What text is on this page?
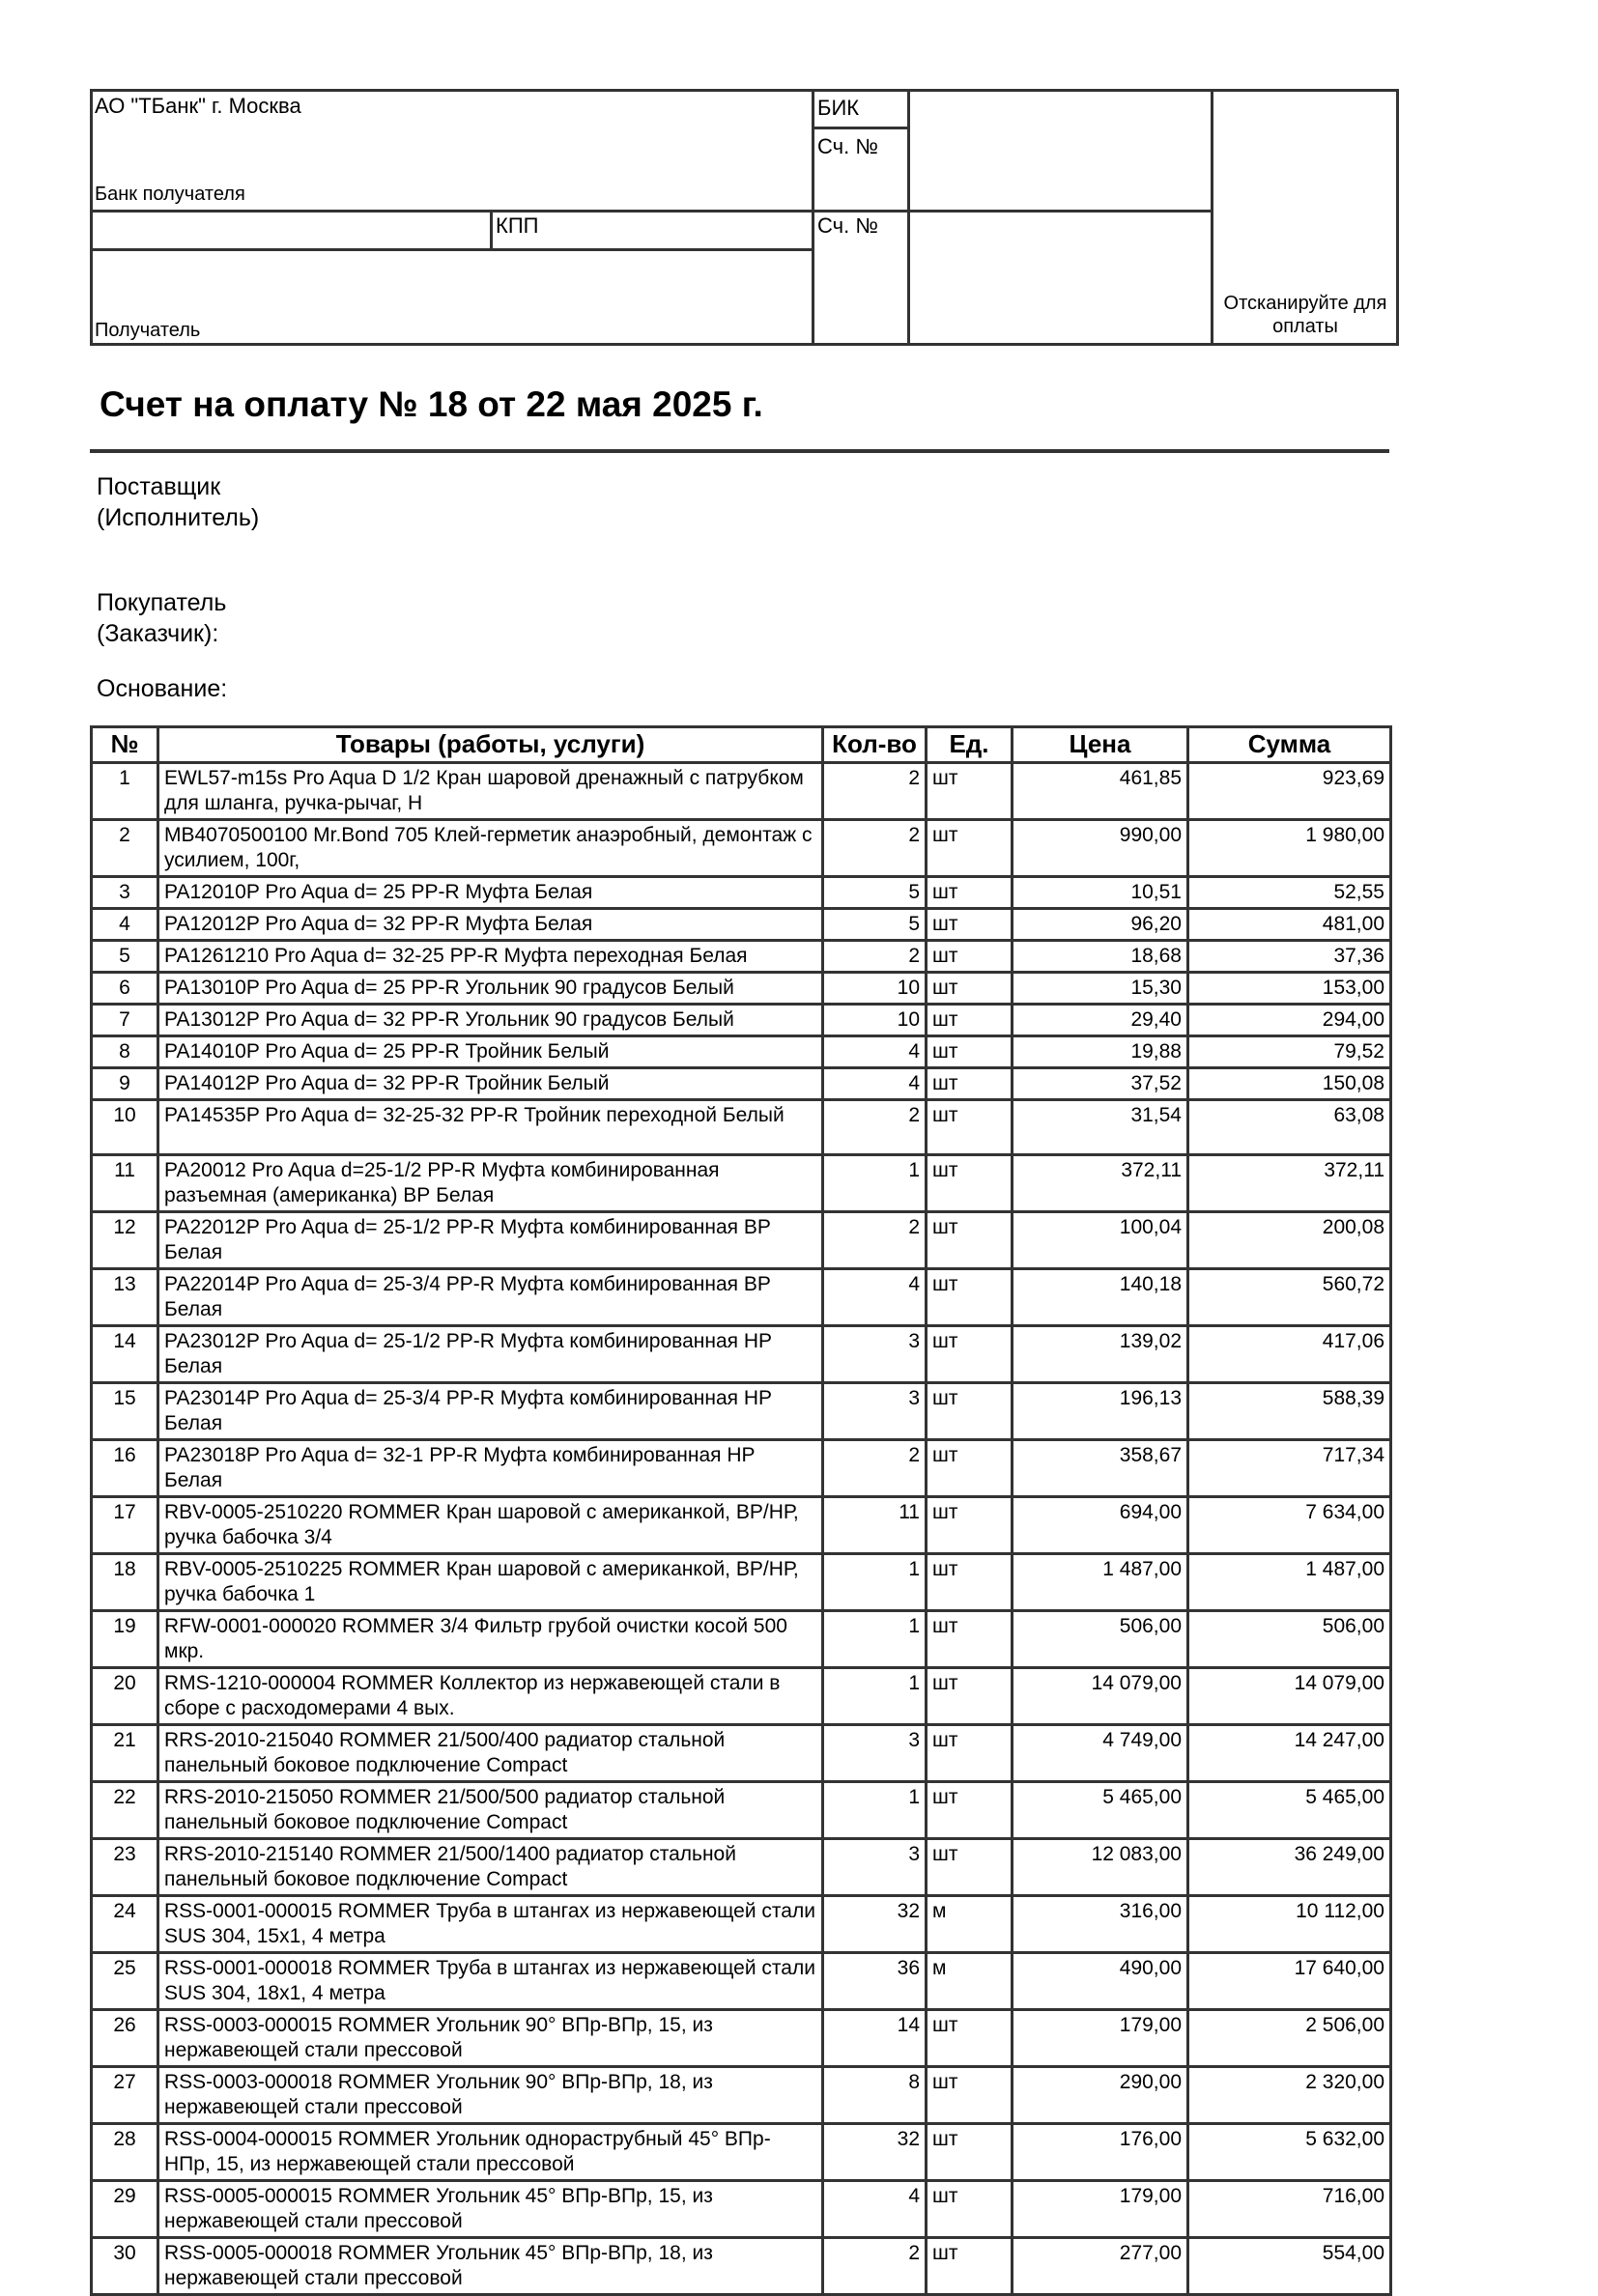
АО "ТБанк" г. Москва
Банк получателя
БИК
Сч. №
КПП	Сч. №
Получатель
Отсканируйте для оплаты
Счет на оплату № 18 от 22 мая 2025 г.
Поставщик
(Исполнитель)
Покупатель
(Заказчик):
Основание:
№	Товары (работы, услуги)	Кол-во	Ед.	Цена	Сумма
1	EWL57-m15s Pro Aqua D 1/2 Кран шаровой дренажный с патрубком для шланга, ручка-рычаг, Н	2	шт	461,85	923,69
2	MB4070500100 Mr.Bond 705 Клей-герметик анаэробный, демонтаж с усилием, 100г,	2	шт	990,00	1 980,00
3	PA12010P Pro Aqua d= 25 PP-R Муфта Белая	5	шт	10,51	52,55
4	PA12012P Pro Aqua d= 32 PP-R Муфта Белая	5	шт	96,20	481,00
5	PA1261210 Pro Aqua d= 32-25 PP-R Муфта переходная Белая	2	шт	18,68	37,36
6	PA13010P Pro Aqua d= 25 PP-R Угольник 90 градусов Белый	10	шт	15,30	153,00
7	PA13012P Pro Aqua d= 32 PP-R Угольник 90 градусов Белый	10	шт	29,40	294,00
8	PA14010P Pro Aqua d= 25 PP-R Тройник Белый	4	шт	19,88	79,52
9	PA14012P Pro Aqua d= 32 PP-R Тройник Белый	4	шт	37,52	150,08
10	PA14535P Pro Aqua d= 32-25-32 PP-R Тройник переходной Белый	2	шт	31,54	63,08
11	PA20012 Pro Aqua d=25-1/2 PP-R Муфта комбинированная разъемная (американка) ВР Белая	1	шт	372,11	372,11
12	PA22012P Pro Aqua d= 25-1/2 PP-R Муфта комбинированная ВР Белая	2	шт	100,04	200,08
13	PA22014P Pro Aqua d= 25-3/4 PP-R Муфта комбинированная ВР Белая	4	шт	140,18	560,72
14	PA23012P Pro Aqua d= 25-1/2 PP-R Муфта комбинированная НР Белая	3	шт	139,02	417,06
15	PA23014P Pro Aqua d= 25-3/4 PP-R Муфта комбинированная НР Белая	3	шт	196,13	588,39
16	PA23018P Pro Aqua d= 32-1 PP-R Муфта комбинированная НР Белая	2	шт	358,67	717,34
17	RBV-0005-2510220 ROMMER Кран шаровой с американкой, ВР/НР, ручка бабочка 3/4	11	шт	694,00	7 634,00
18	RBV-0005-2510225 ROMMER Кран шаровой с американкой, ВР/НР, ручка бабочка 1	1	шт	1 487,00	1 487,00
19	RFW-0001-000020 ROMMER 3/4 Фильтр грубой очистки косой 500 мкр.	1	шт	506,00	506,00
20	RMS-1210-000004 ROMMER Коллектор из нержавеющей стали в сборе с расходомерами 4 вых.	1	шт	14 079,00	14 079,00
21	RRS-2010-215040 ROMMER 21/500/400 радиатор стальной панельный боковое подключение Compact	3	шт	4 749,00	14 247,00
22	RRS-2010-215050 ROMMER 21/500/500 радиатор стальной панельный боковое подключение Compact	1	шт	5 465,00	5 465,00
23	RRS-2010-215140 ROMMER 21/500/1400 радиатор стальной панельный боковое подключение Compact	3	шт	12 083,00	36 249,00
24	RSS-0001-000015 ROMMER Труба в штангах из нержавеющей стали SUS 304, 15х1, 4 метра	32	м	316,00	10 112,00
25	RSS-0001-000018 ROMMER Труба в штангах из нержавеющей стали SUS 304, 18х1, 4 метра	36	м	490,00	17 640,00
26	RSS-0003-000015 ROMMER Угольник 90° ВПр-ВПр, 15, из нержавеющей стали прессовой	14	шт	179,00	2 506,00
27	RSS-0003-000018 ROMMER Угольник 90° ВПр-ВПр, 18, из нержавеющей стали прессовой	8	шт	290,00	2 320,00
28	RSS-0004-000015 ROMMER Угольник однораструбный 45° ВПр-НПр, 15, из нержавеющей стали прессовой	32	шт	176,00	5 632,00
29	RSS-0005-000015 ROMMER Угольник 45° ВПр-ВПр, 15, из нержавеющей стали прессовой	4	шт	179,00	716,00
30	RSS-0005-000018 ROMMER Угольник 45° ВПр-ВПр, 18, из нержавеющей стали прессовой	2	шт	277,00	554,00
